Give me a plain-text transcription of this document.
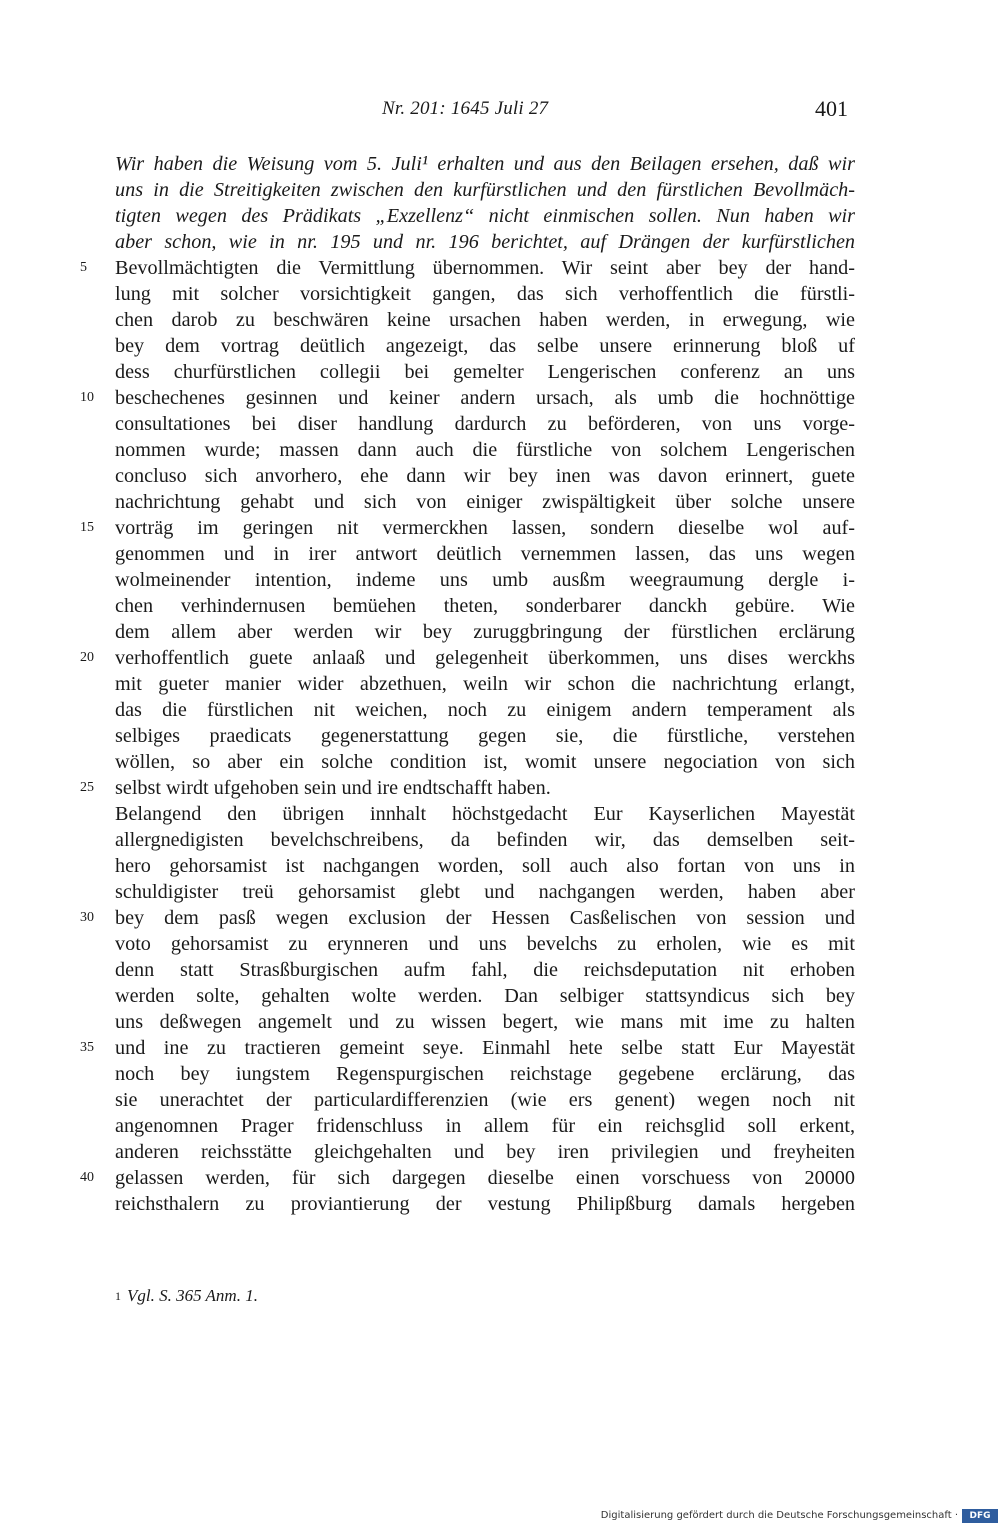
Nr. 201: 1645 Juli 27	401
Wir haben die Weisung vom 5. Juli¹ erhalten und aus den Beilagen ersehen, daß wir
uns in die Streitigkeiten zwischen den kurfürstlichen und den fürstlichen Bevollmäch-
tigten wegen des Prädikats „Exzellenz“ nicht einmischen sollen. Nun haben wir
aber schon, wie in nr. 195 und nr. 196 berichtet, auf Drängen der kurfürstlichen
Bevollmächtigten die Vermittlung übernommen. Wir seint aber bey der hand-
lung mit solcher vorsichtigkeit gangen, das sich verhoffentlich die fürstli-
chen darob zu beschwären keine ursachen haben werden, in erwegung, wie
bey dem vortrag deütlich angezeigt, das selbe unsere erinnerung bloß uf
dess churfürstlichen collegii bei gemelter Lengerischen conferenz an uns
beschechenes gesinnen und keiner andern ursach, als umb die hochnöttige
consultationes bei diser handlung dardurch zu beförderen, von uns vorge-
nommen wurde; massen dann auch die fürstliche von solchem Lengerischen
concluso sich anvorhero, ehe dann wir bey inen was davon erinnert, guete
nachrichtung gehabt und sich von einiger zwispältigkeit über solche unsere
vorträg im geringen nit vermerckhen lassen, sondern dieselbe wol auf-
genommen und in irer antwort deütlich vernemmen lassen, das uns wegen
wolmeinender intention, indeme uns umb ausßm weegraumung dergle i-
chen verhindernusen bemüehen theten, sonderbarer danckh gebüre. Wie
dem allem aber werden wir bey zuruggbringung der fürstlichen erclärung
verhoffentlich guete anlaaß und gelegenheit überkommen, uns dises werckhs
mit gueter manier wider abzethuen, weiln wir schon die nachrichtung erlangt,
das die fürstlichen nit weichen, noch zu einigem andern temperament als
selbiges praedicats gegenerstattung gegen sie, die fürstliche, verstehen
wöllen, so aber ein solche condition ist, womit unsere negociation von sich
selbst wirdt ufgehoben sein und ire endtschafft haben.
Belangend den übrigen innhalt höchstgedacht Eur Kayserlichen Mayestät
allergnedigisten bevelchschreibens, da befinden wir, das demselben seit-
hero gehorsamist ist nachgangen worden, soll auch also fortan von uns in
schuldigister treü gehorsamist glebt und nachgangen werden, haben aber
bey dem pasß wegen exclusion der Hessen Casßelischen von session und
voto gehorsamist zu erynneren und uns bevelchs zu erholen, wie es mit
denn statt Strasßburgischen aufm fahl, die reichsdeputation nit erhoben
werden solte, gehalten wolte werden. Dan selbiger stattsyndicus sich bey
uns deßwegen angemelt und zu wissen begert, wie mans mit ime zu halten
und ine zu tractieren gemeint seye. Einmahl hete selbe statt Eur Mayestät
noch bey iungstem Regenspurgischen reichstage gegebene erclärung, das
sie unerachtet der particulardifferenzien (wie ers genent) wegen noch nit
angenomnen Prager fridenschluss in allem für ein reichsglid soll erkent,
anderen reichsstätte gleichgehalten und bey iren privilegien und freyheiten
gelassen werden, für sich dargegen dieselbe einen vorschuess von 20000
reichsthalern zu proviantierung der vestung Philipßburg damals hergeben
5
10
15
20
25
30
35
40
$^1$ Vgl. S. 365 Anm. 1.
Digitalisierung gefördert durch die Deutsche Forschungsgemeinschaft ·	DFG
